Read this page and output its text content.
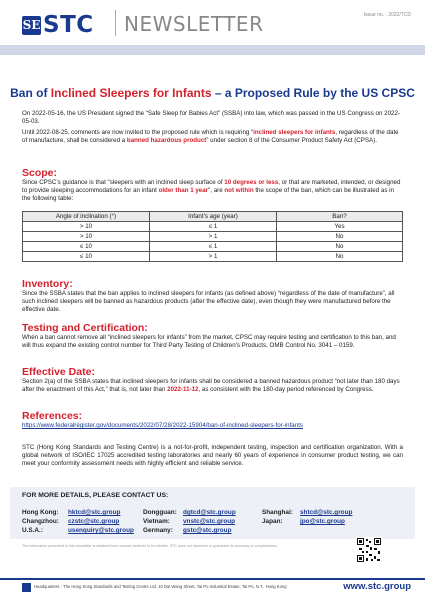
SE STC NEWSLETTER	Issue no. : 2022/TCD
Ban of Inclined Sleepers for Infants – a Proposed Rule by the US CPSC

On 2022-05-16, the US President signed the “Safe Sleep for Babies Act” (SSBA) into law, which was passed in the US Congress on 2022-05-03.

Until 2022-08-25, comments are now invited to the proposed rule which is requiring “inclined sleepers for infants, regardless of the date of manufacture, shall be considered a banned hazardous product” under section 8 of the Consumer Product Safety Act (CPSA).

Scope:

Since CPSC’s guidance is that "sleepers with an inclined sleep surface of 10 degrees or less, or that are marketed, intended, or designed to provide sleeping accommodations for an infant older than 1 year", are not within the scope of the ban, which can be illustrated as in the following table:

Angle of inclination (°)	Infant’s age (year)	Ban?
> 10	≤ 1	Yes
> 10	> 1	No
≤ 10	≤ 1	No
≤ 10	> 1	No
Inventory:

Since the SSBA states that the ban applies to inclined sleepers for infants (as defined above) “regardless of the date of manufacture”, all such inclined sleepers will be banned as hazardous products (after the effective date), even though they were manufactured before the effective date.

Testing and Certification:

When a ban cannot remove all “inclined sleepers for infants” from the market, CPSC may require testing and certification to this ban, and will thus expand the existing control number for Third Party Testing of Children's Products, OMB Control No. 3041 – 0159.

Effective Date:

Section 2(a) of the SSBA states that inclined sleepers for infants shall be considered a banned hazardous product “not later than 180 days after the enactment of this Act,” that is, not later than 2022-11-12, as consistent with the 180-day period referenced by Congress.

References:
https://www.federalregister.gov/documents/2022/07/28/2022-15904/ban-of-inclined-sleepers-for-infants

STC (Hong Kong Standards and Testing Centre) is a not-for-profit, independent testing, inspection and certification organization. With a global network of ISO/IEC 17025 accredited testing laboratories and nearly 60 years of experience in consumer product testing, we can meet your conformity assessment needs with highly efficient and reliable service.

FOR MORE DETAILS, PLEASE CONTACT US:
Hong Kong:	hktcd@stc.group
Changzhou:	czstc@stc.group
U.S.A.:	usenquiry@stc.group
Dongguan: dgtcd@stc.group
Vietnam:	vnstc@stc.group
Germany:	gstc@stc.group
Shanghai:	shtcd@stc.group
Japan:	jpo@stc.group
The information presented in this newsletter is obtained from sources believed to be reliable. STC does not represent or guarantee its accuracy or completeness.
Headquarters - The Hong Kong Standards and Testing Centre Ltd. 10 Dai Wang Street, Tai Po Industrial Estate, Tai Po, N.T., Hong Kong	www.stc.group
